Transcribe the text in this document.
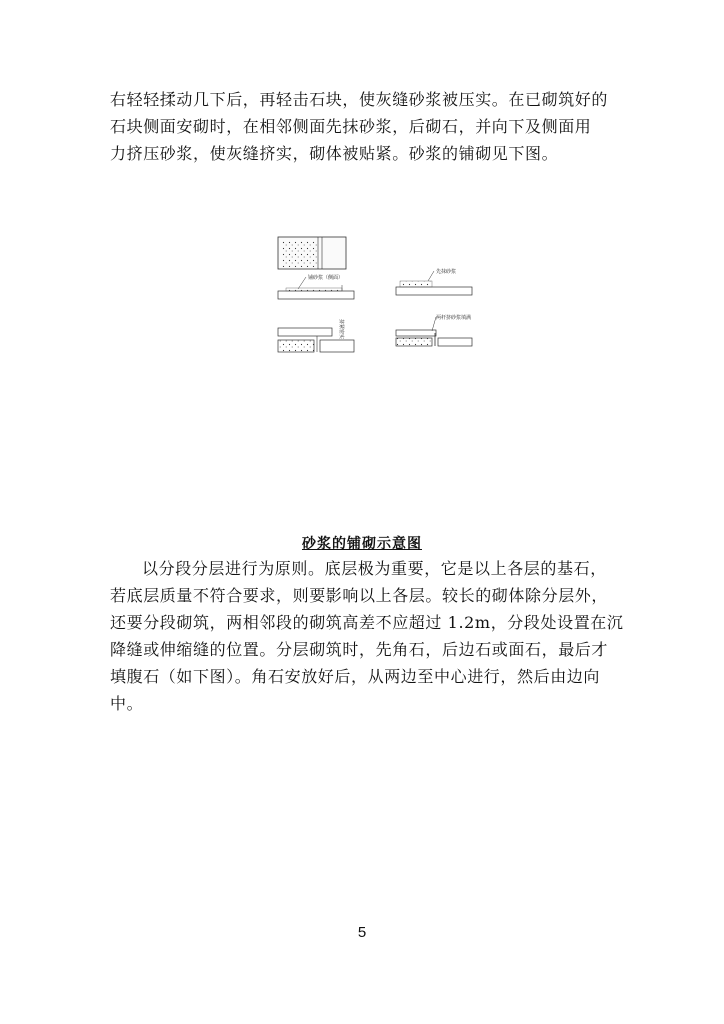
右轻轻揉动几下后，再轻击石块，使灰缝砂浆被压实。在已砌筑好的
石块侧面安砌时，在相邻侧面先抹砂浆，后砌石，并向下及侧面用
力挤压砂浆，使灰缝挤实，砌体被贴紧。砂浆的铺砌见下图。
铺砂浆（侧面）
挤紧密实
先抹砂浆
两杆挤砂浆填满
砂浆的铺砌示意图
以分段分层进行为原则。底层极为重要，它是以上各层的基石，
若底层质量不符合要求，则要影响以上各层。较长的砌体除分层外，
还要分段砌筑，两相邻段的砌筑高差不应超过 1.2m，分段处设置在沉
降缝或伸缩缝的位置。分层砌筑时，先角石，后边石或面石，最后才
填腹石（如下图）。角石安放好后，从两边至中心进行，然后由边向
中。
5
